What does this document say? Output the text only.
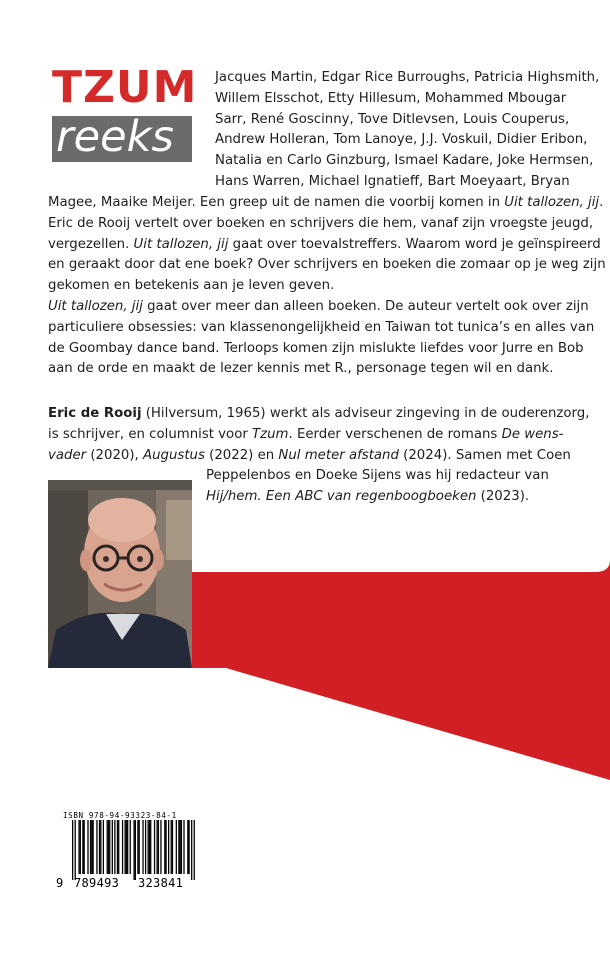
TZUM
reeks
Jacques Martin, Edgar Rice Burroughs, Patricia Highsmith,
Willem Elsschot, Etty Hillesum, Mohammed Mbougar
Sarr, René Goscinny, Tove Ditlevsen, Louis Couperus,
Andrew Holleran, Tom Lanoye, J.J. Voskuil, Didier Eribon,
Natalia en Carlo Ginzburg, Ismael Kadare, Joke Hermsen,
Hans Warren, Michael Ignatieff, Bart Moeyaart, Bryan
Magee, Maaike Meijer. Een greep uit de namen die voorbij komen in Uit tallozen, jij.
Eric de Rooij vertelt over boeken en schrijvers die hem, vanaf zijn vroegste jeugd,
vergezellen. Uit tallozen, jij gaat over toevalstreffers. Waarom word je geïnspireerd
en geraakt door dat ene boek? Over schrijvers en boeken die zomaar op je weg zijn
gekomen en betekenis aan je leven geven.
Uit tallozen, jij gaat over meer dan alleen boeken. De auteur vertelt ook over zijn
particuliere obsessies: van klassenongelijkheid en Taiwan tot tunica’s en alles van
de Goombay dance band. Terloops komen zijn mislukte liefdes voor Jurre en Bob
aan de orde en maakt de lezer kennis met R., personage tegen wil en dank.
Eric de Rooij (Hilversum, 1965) werkt als adviseur zingeving in de ouderenzorg,
is schrijver, en columnist voor Tzum. Eerder verschenen de romans De wens-
vader (2020), Augustus (2022) en Nul meter afstand (2024). Samen met Coen
Peppelenbos en Doeke Sijens was hij redacteur van
Hij/hem. Een ABC van regenboogboeken (2023).
ISBN 978-94-93323-84-1
9 789493 323841
